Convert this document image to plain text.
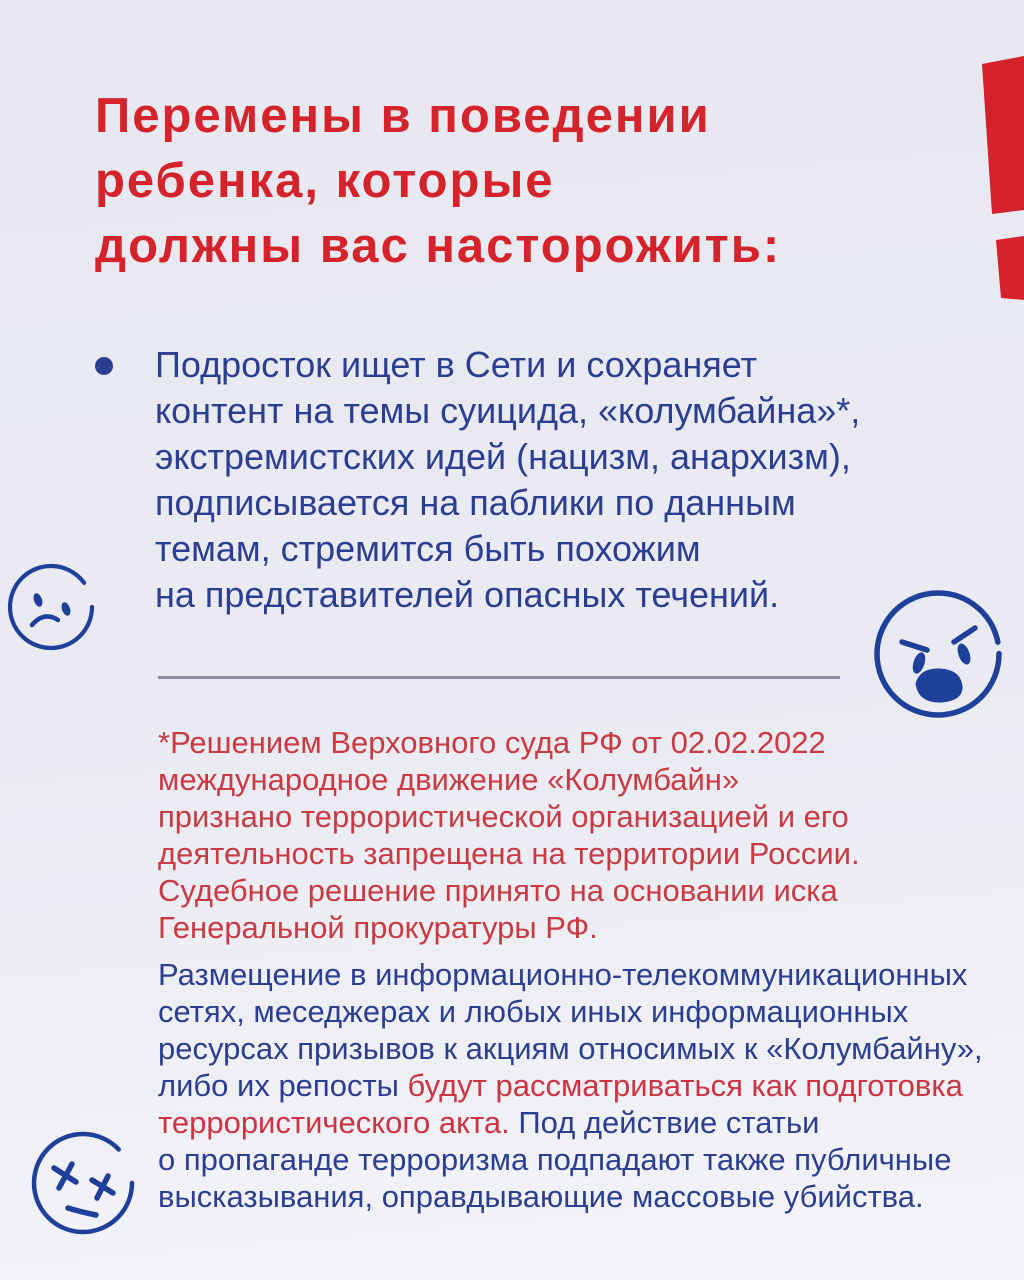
Перемены в поведении
ребенка, которые
должны вас насторожить:
Подросток ищет в Сети и сохраняет
контент на темы суицида, «колумбайна»*,
экстремистских идей (нацизм, анархизм),
подписывается на паблики по данным
темам, стремится быть похожим
на представителей опасных течений.
*Решением Верховного суда РФ от 02.02.2022
международное движение «Колумбайн»
признано террористической организацией и его
деятельность запрещена на территории России.
Судебное решение принято на основании иска
Генеральной прокуратуры РФ.
Размещение в информационно-телекоммуникационных
сетях, меседжерах и любых иных информационных
ресурсах призывов к акциям относимых к «Колумбайну»,
либо их репосты будут рассматриваться как подготовка
террористического акта. Под действие статьи
о пропаганде терроризма подпадают также публичные
высказывания, оправдывающие массовые убийства.
